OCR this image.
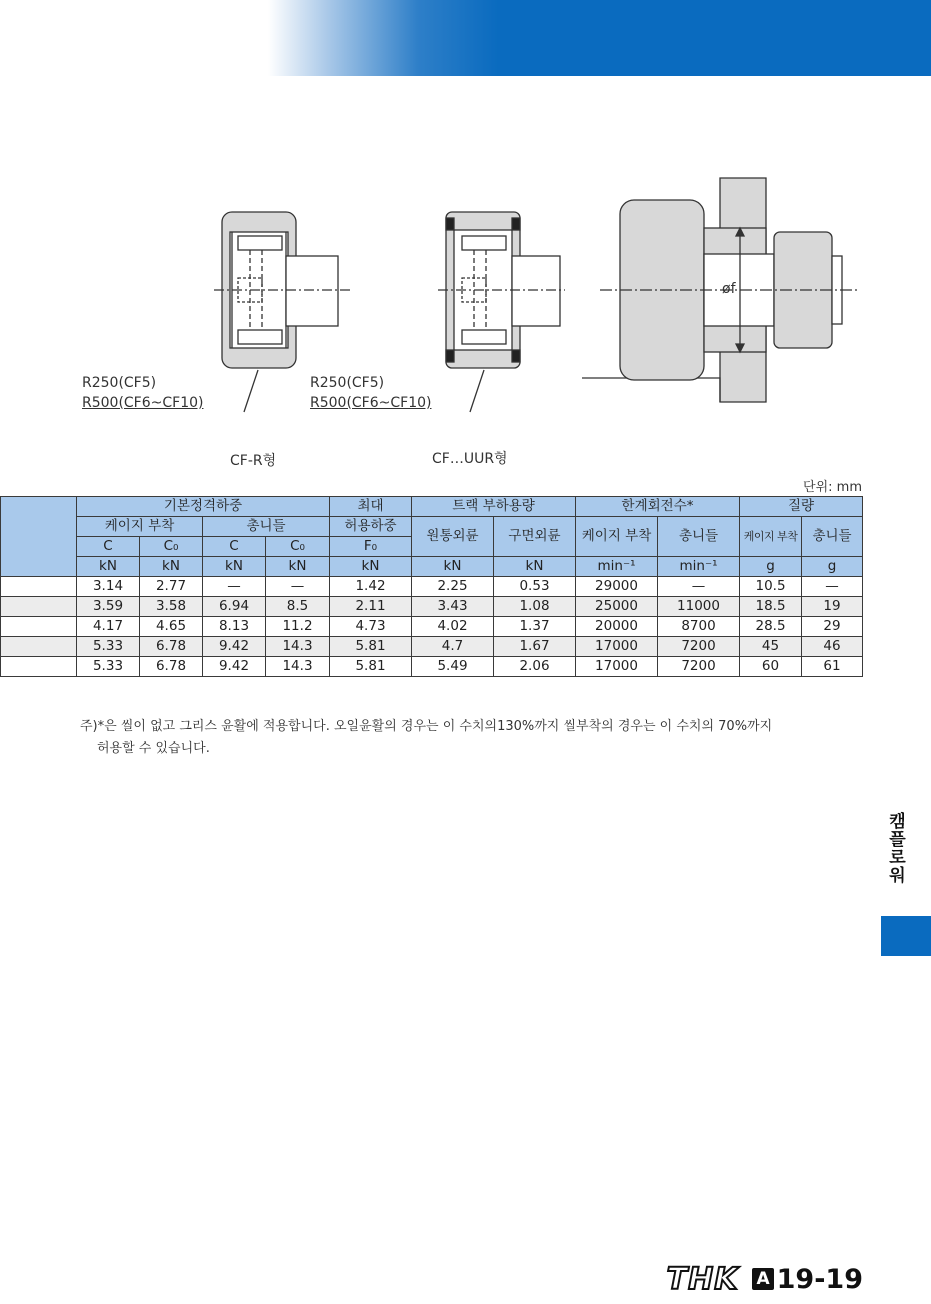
R250(CF5)
R500(CF6~CF10)
R250(CF5)
R500(CF6~CF10)
CF-R형	CF…UUR형
øf
단위: mm
	기본정격하중				최대	트랙 부하용량		한계회전수*		질량	
	케이지 부착		총니들		허용하중	원통외륜	구면외륜	케이지 부착	총니들	케이지 부착	총니들
	C	C₀	C	C₀	F₀						
	kN	kN	kN	kN	kN	kN	kN	min⁻¹	min⁻¹	g	g
	3.14	2.77	—	—	1.42	2.25	0.53	29000	—	10.5	—
	3.59	3.58	6.94	8.5	2.11	3.43	1.08	25000	11000	18.5	19
	4.17	4.65	8.13	11.2	4.73	4.02	1.37	20000	8700	28.5	29
	5.33	6.78	9.42	14.3	5.81	4.7	1.67	17000	7200	45	46
	5.33	6.78	9.42	14.3	5.81	5.49	2.06	17000	7200	60	61
주)*은 씰이 없고 그리스 윤활에 적용합니다. 오일윤활의 경우는 이 수치의130%까지 씰부착의 경우는 이 수치의 70%까지
허용할 수 있습니다.
캠플로워
THK A 19-19
